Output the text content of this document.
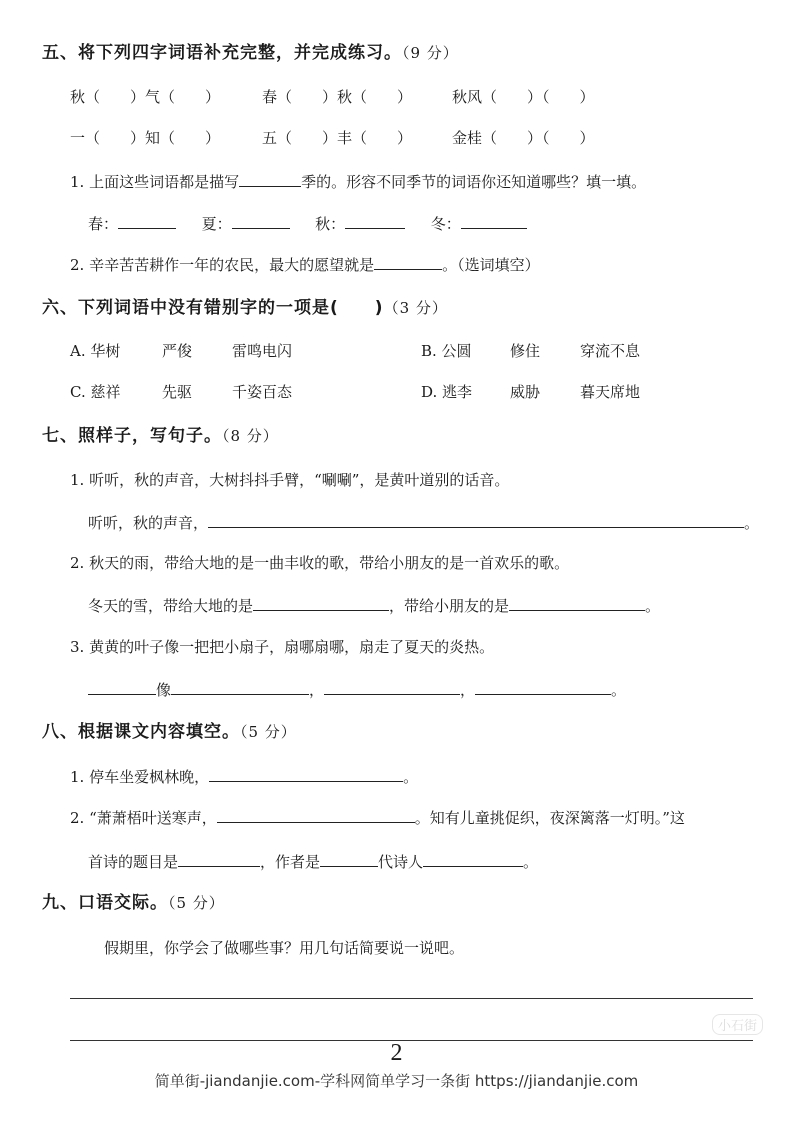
五、将下列四字词语补充完整，并完成练习。（9 分）
秋（　　）气（　　）	春（　　）秋（　　）	秋风（　　）（　　）
一（　　）知（　　）	五（　　）丰（　　）	金桂（　　）（　　）
1. 上面这些词语都是描写	季的。形容不同季节的词语你还知道哪些？填一填。
春：	夏：	秋：	冬：
2. 辛辛苦苦耕作一年的农民，最大的愿望就是	。（选词填空）
六、下列词语中没有错别字的一项是( )（3 分）
A. 华树	严俊	雷鸣电闪	B. 公圆	修住	穿流不息
C. 慈祥	先驱	千姿百态	D. 逃李	威胁	暮天席地
七、照样子，写句子。（8 分）
1. 听听，秋的声音，大树抖抖手臂，“唰唰”，是黄叶道别的话音。
听听，秋的声音，	。
2. 秋天的雨，带给大地的是一曲丰收的歌，带给小朋友的是一首欢乐的歌。
冬天的雪，带给大地的是	，带给小朋友的是	。
3. 黄黄的叶子像一把把小扇子，扇哪扇哪，扇走了夏天的炎热。
像	，	，	。
八、根据课文内容填空。（5 分）
1. 停车坐爱枫林晚，	。
2. “萧萧梧叶送寒声，	。知有儿童挑促织，夜深篱落一灯明。”这
首诗的题目是	，作者是	代诗人	。
九、口语交际。（5 分）
假期里，你学会了做哪些事？用几句话简要说一说吧。
小石街
2
简单街-jiandanjie.com-学科网简单学习一条街 https://jiandanjie.com
